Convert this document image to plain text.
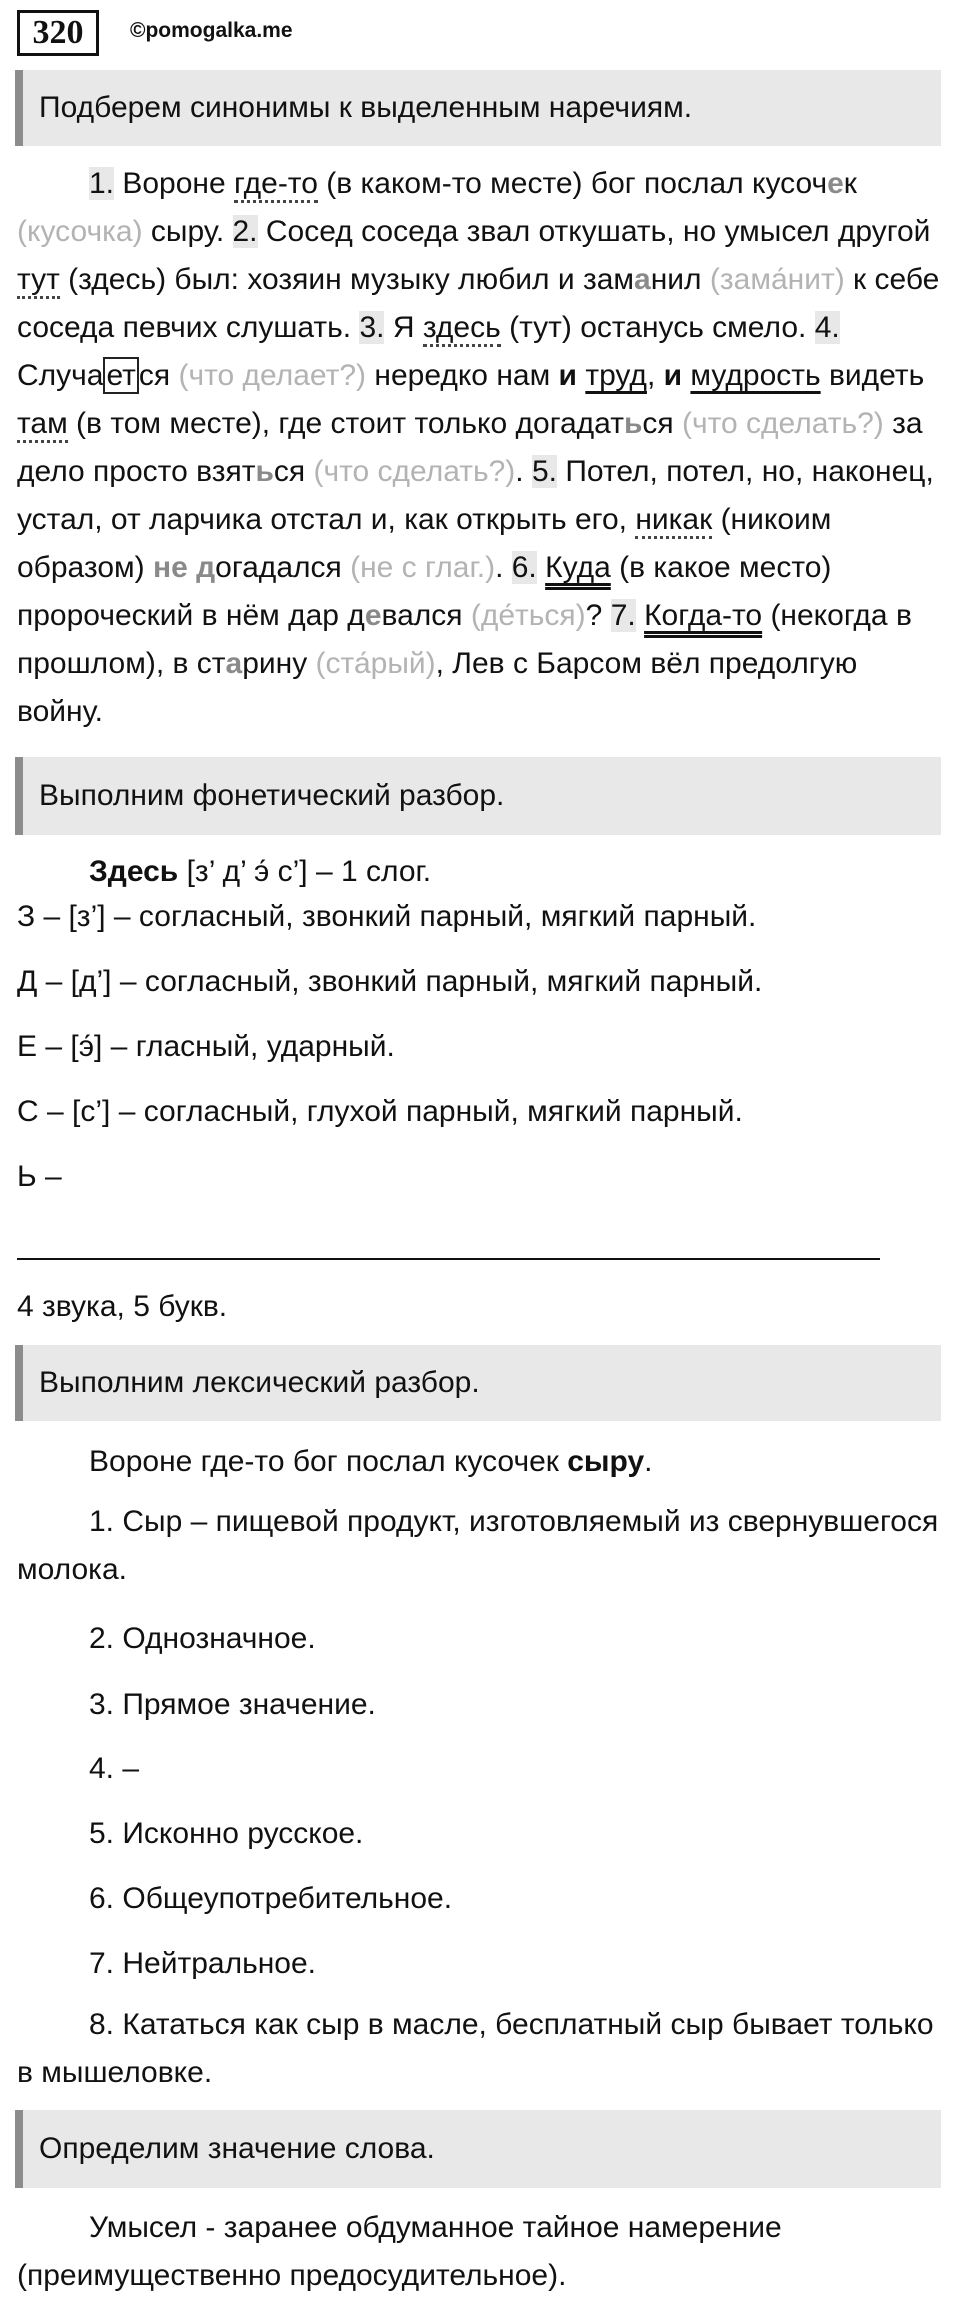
320	©pomogalka.me
Подберем синонимы к выделенным наречиям.

1. Вороне где-то (в каком-то месте) бог послал кусочек (кусочка) сыру. 2. Сосед соседа звал откушать, но умысел другой тут (здесь) был: хозяин музыку любил и заманил (зама́нит) к себе соседа певчих слушать. 3. Я здесь (тут) останусь смело. 4. Случа ет ся (что делает?) нередко нам и труд, и мудрость видеть там (в том месте), где стоит только догадаться (что сделать?) за дело просто взяться (что сделать?). 5. Потел, потел, но, наконец, устал, от ларчика отстал и, как открыть его, никак (никоим образом) не догадался (не с глаг.). 6. Куда (в какое место) пророческий в нём дар девался (де́ться)? 7. Когда-то (некогда в прошлом), в старину (ста́рый), Лев с Барсом вёл предолгую войну.

Выполним фонетический разбор.
Здесь [з’ д’ э́ с’] – 1 слог.
З – [з’] – согласный, звонкий парный, мягкий парный.
Д – [д’] – согласный, звонкий парный, мягкий парный.
Е – [э́] – гласный, ударный.
С – [с’] – согласный, глухой парный, мягкий парный.
Ь –
4 звука, 5 букв.
Выполним лексический разбор.
Вороне где-то бог послал кусочек сыру.

1. Сыр – пищевой продукт, изготовляемый из свернувшегося молока.

2. Однозначное.
3. Прямое значение.
4. –
5. Исконно русское.
6. Общеупотребительное.
7. Нейтральное.

8. Кататься как сыр в масле, бесплатный сыр бывает только в мышеловке.

Определим значение слова.

Умысел - заранее обдуманное тайное намерение (преимущественно предосудительное).
